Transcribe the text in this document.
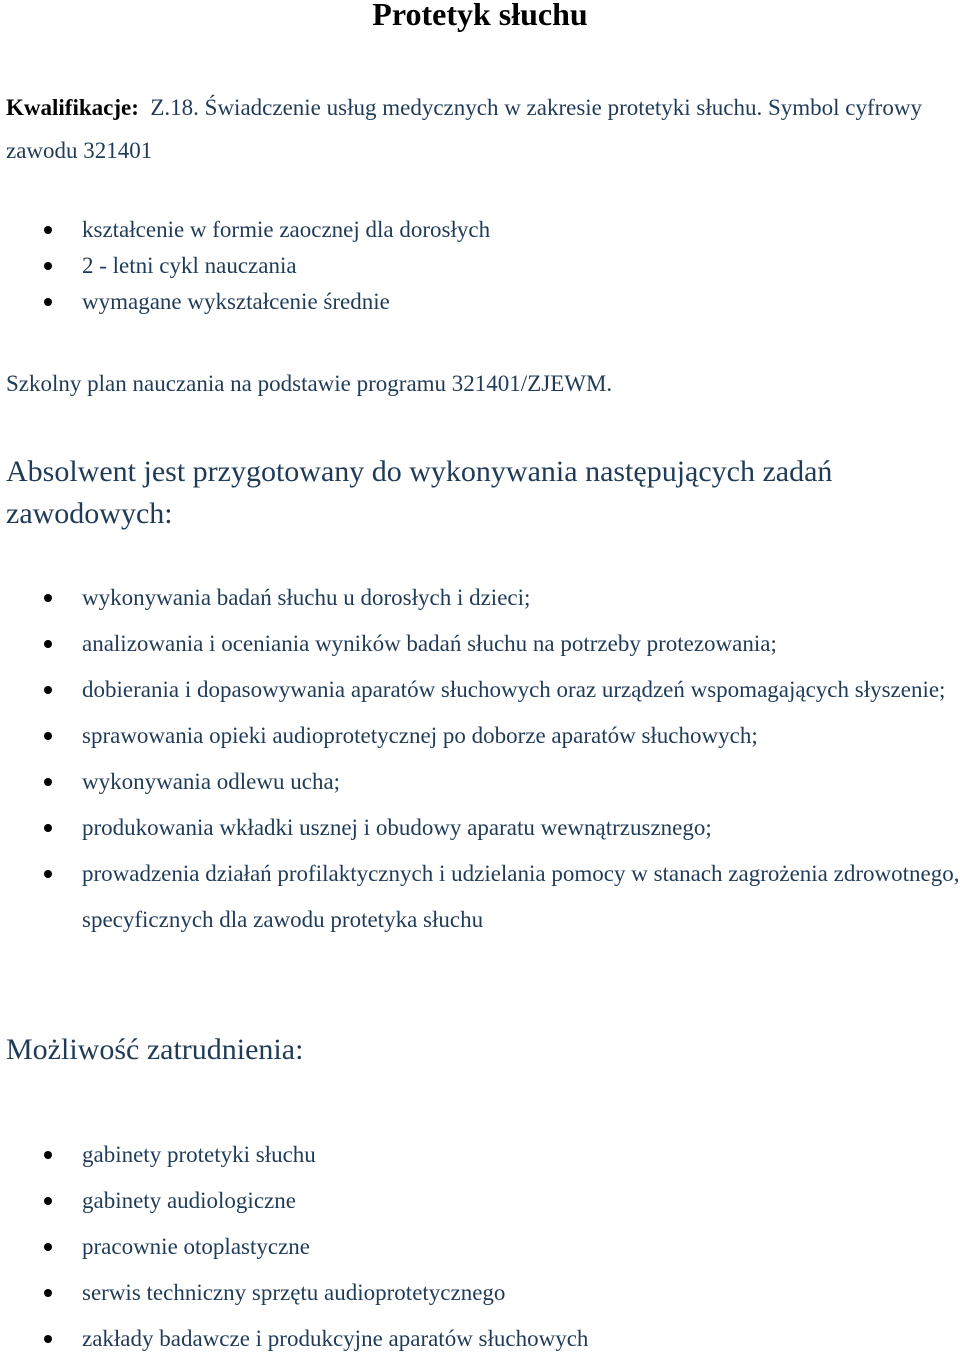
Protetyk słuchu
Kwalifikacje: Z.18. Świadczenie usług medycznych w zakresie protetyki słuchu. Symbol cyfrowy zawodu 321401
kształcenie w formie zaocznej dla dorosłych
2 - letni cykl nauczania
wymagane wykształcenie średnie
Szkolny plan nauczania na podstawie programu 321401/ZJEWM.
Absolwent jest przygotowany do wykonywania następujących zadań zawodowych:
wykonywania badań słuchu u dorosłych i dzieci;
analizowania i oceniania wyników badań słuchu na potrzeby protezowania;
dobierania i dopasowywania aparatów słuchowych oraz urządzeń wspomagających słyszenie;
sprawowania opieki audioprotetycznej po doborze aparatów słuchowych;
wykonywania odlewu ucha;
produkowania wkładki usznej i obudowy aparatu wewnątrzusznego;
prowadzenia działań profilaktycznych i udzielania pomocy w stanach zagrożenia zdrowotnego, specyficznych dla zawodu protetyka słuchu
Możliwość zatrudnienia:
gabinety protetyki słuchu
gabinety audiologiczne
pracownie otoplastyczne
serwis techniczny sprzętu audioprotetycznego
zakłady badawcze i produkcyjne aparatów słuchowych
